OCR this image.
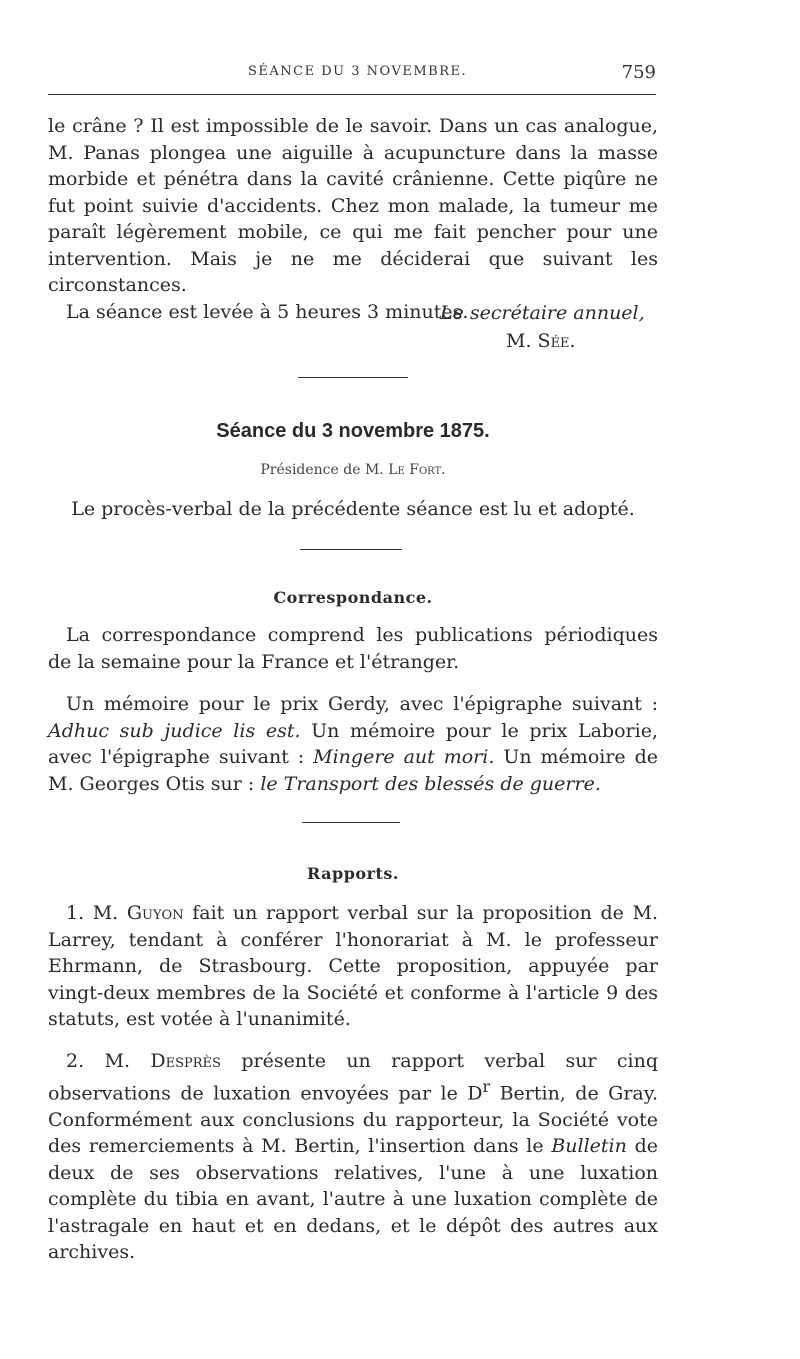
SÉANCE DU 3 NOVEMBRE.	759

le crâne ? Il est impossible de le savoir. Dans un cas analogue, M. Panas plongea une aiguille à acupuncture dans la masse morbide et pénétra dans la cavité crânienne. Cette piqûre ne fut point suivie d'accidents. Chez mon malade, la tumeur me paraît légèrement mobile, ce qui me fait pencher pour une intervention. Mais je ne me déciderai que suivant les circonstances.

La séance est levée à 5 heures 3 minutes.

Le secrétaire annuel,
M. Sée.
Séance du 3 novembre 1875.
Présidence de M. Le Fort.
Le procès-verbal de la précédente séance est lu et adopté.
Correspondance.

La correspondance comprend les publications périodiques de la semaine pour la France et l'étranger.

Un mémoire pour le prix Gerdy, avec l'épigraphe suivant : Adhuc sub judice lis est. Un mémoire pour le prix Laborie, avec l'épigraphe suivant : Mingere aut mori. Un mémoire de M. Georges Otis sur : le Transport des blessés de guerre.

Rapports.

1. M. Guyon fait un rapport verbal sur la proposition de M. Larrey, tendant à conférer l'honorariat à M. le professeur Ehrmann, de Strasbourg. Cette proposition, appuyée par vingt-deux membres de la Société et conforme à l'article 9 des statuts, est votée à l'unanimité.

2. M. Desprès présente un rapport verbal sur cinq observations de luxation envoyées par le $D^r$ Bertin, de Gray. Conformément aux conclusions du rapporteur, la Société vote des remerciements à M. Bertin, l'insertion dans le Bulletin de deux de ses observations relatives, l'une à une luxation complète du tibia en avant, l'autre à une luxation complète de l'astragale en haut et en dedans, et le dépôt des autres aux archives.
